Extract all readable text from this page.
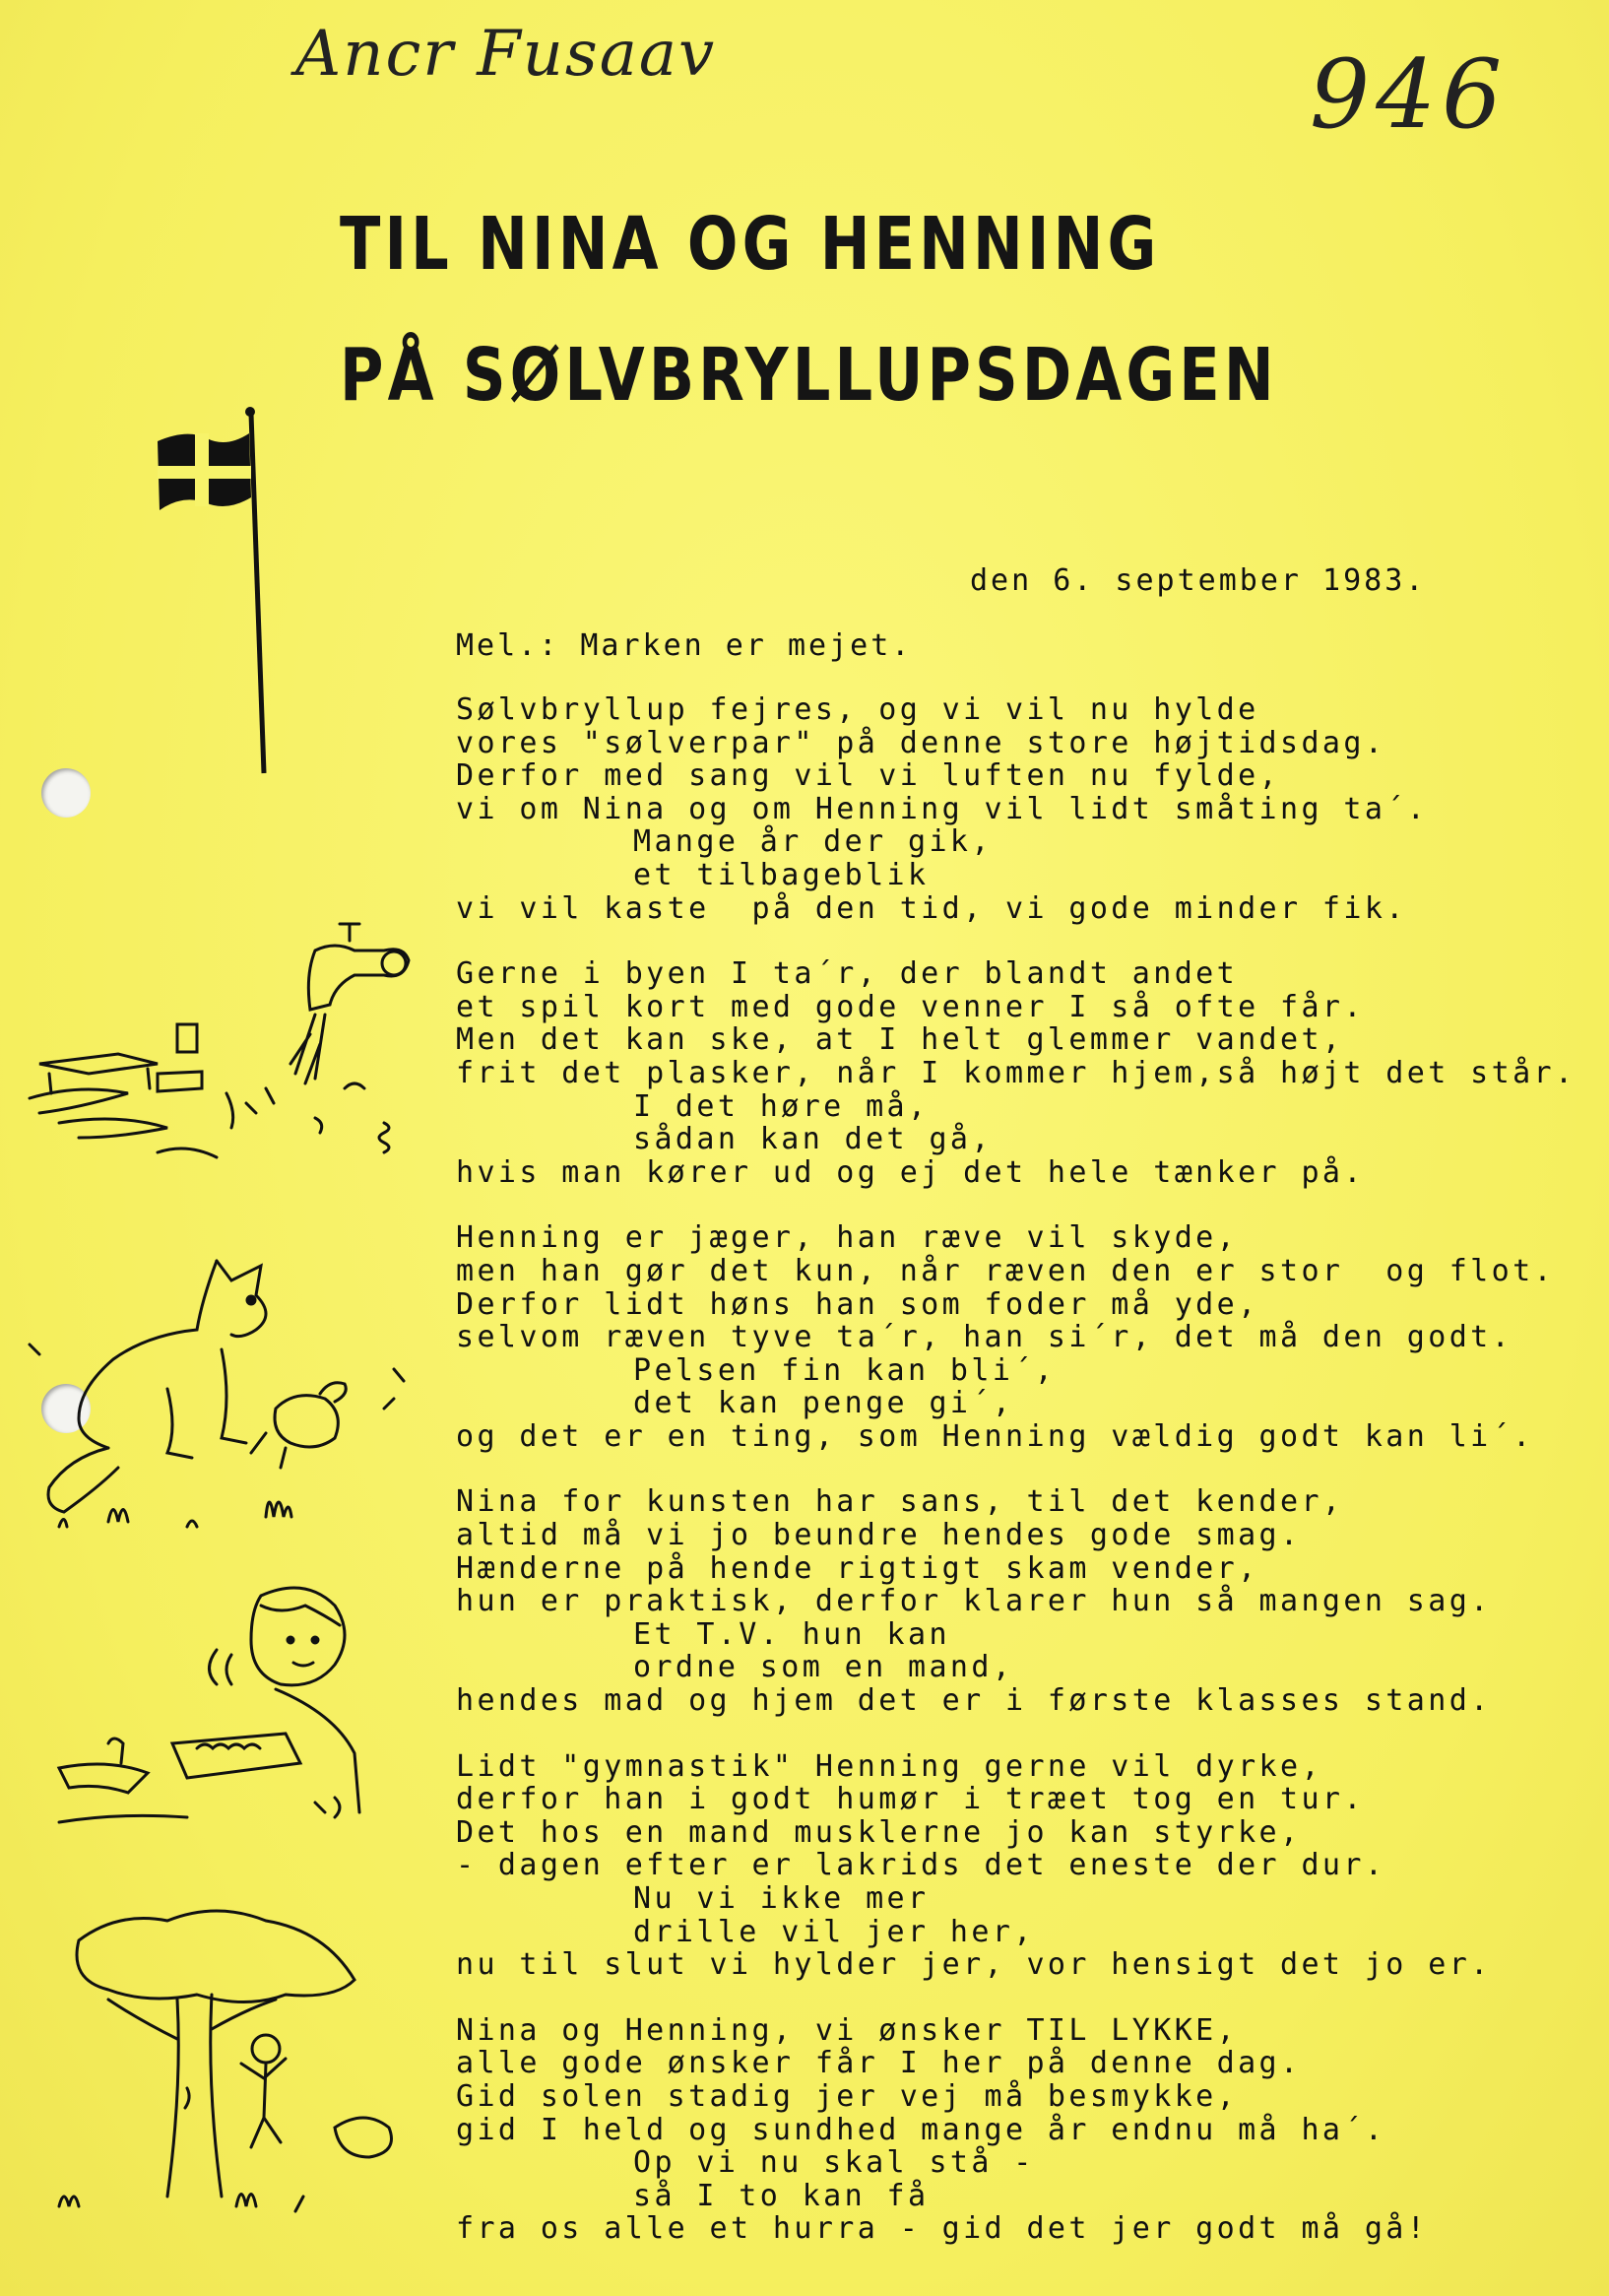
Ancr Fusaav	946
TIL NINA OG HENNING
PÅ SØLVBRYLLUPSDAGEN
den 6. september 1983.
Mel.: Marken er mejet.
Sølvbryllup fejres, og vi vil nu hylde
vores "sølverpar" på denne store højtidsdag.
Derfor med sang vil vi luften nu fylde,
vi om Nina og om Henning vil lidt småting ta´.
Mange år der gik,
et tilbageblik
vi vil kaste  på den tid, vi gode minder fik.
Gerne i byen I ta´r, der blandt andet
et spil kort med gode venner I så ofte får.
Men det kan ske, at I helt glemmer vandet,
frit det plasker, når I kommer hjem,så højt det står.
I det høre må,
sådan kan det gå,
hvis man kører ud og ej det hele tænker på.
Henning er jæger, han ræve vil skyde,
men han gør det kun, når ræven den er stor  og flot.
Derfor lidt høns han som foder må yde,
selvom ræven tyve ta´r, han si´r, det må den godt.
Pelsen fin kan bli´,
det kan penge gi´,
og det er en ting, som Henning vældig godt kan li´.
Nina for kunsten har sans, til det kender,
altid må vi jo beundre hendes gode smag.
Hænderne på hende rigtigt skam vender,
hun er praktisk, derfor klarer hun så mangen sag.
Et T.V. hun kan
ordne som en mand,
hendes mad og hjem det er i første klasses stand.
Lidt "gymnastik" Henning gerne vil dyrke,
derfor han i godt humør i træet tog en tur.
Det hos en mand musklerne jo kan styrke,
- dagen efter er lakrids det eneste der dur.
Nu vi ikke mer
drille vil jer her,
nu til slut vi hylder jer, vor hensigt det jo er.
Nina og Henning, vi ønsker TIL LYKKE,
alle gode ønsker får I her på denne dag.
Gid solen stadig jer vej må besmykke,
gid I held og sundhed mange år endnu må ha´.
Op vi nu skal stå -
så I to kan få
fra os alle et hurra - gid det jer godt må gå!
